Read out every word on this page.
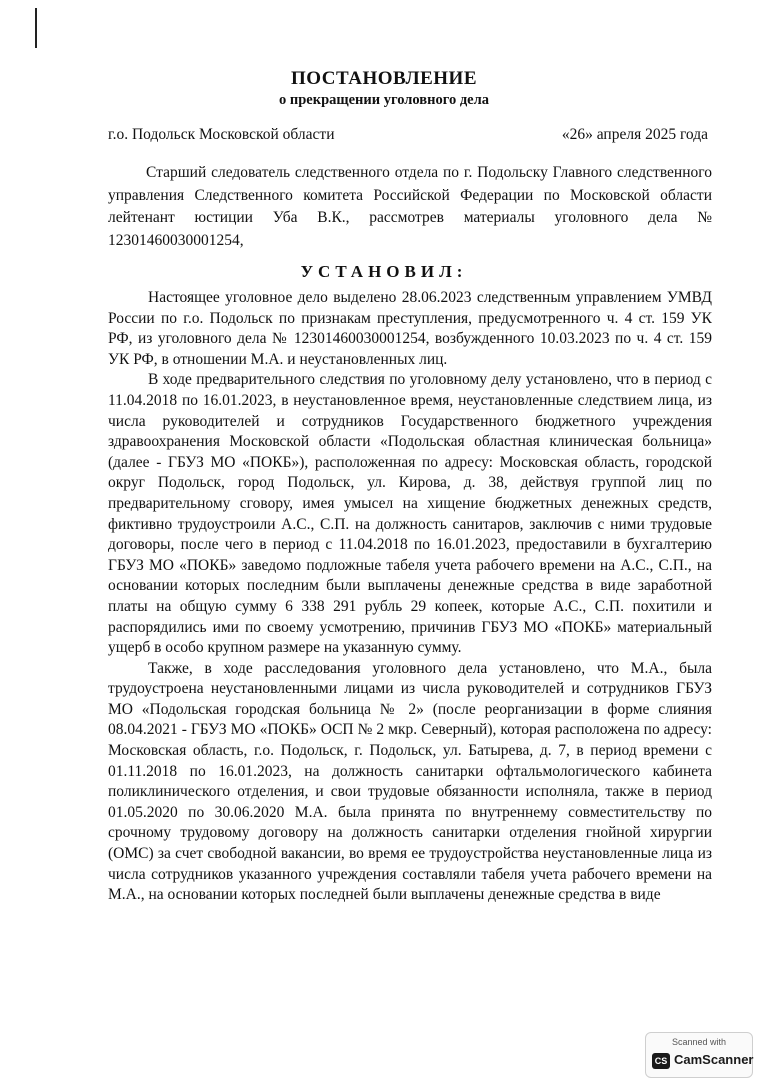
ПОСТАНОВЛЕНИЕ
о прекращении уголовного дела
г.о. Подольск Московской области	«26» апреля 2025 года

Старший следователь следственного отдела по г. Подольску Главного следственного управления Следственного комитета Российской Федерации по Московской области лейтенант юстиции Уба В.К., рассмотрев материалы уголовного дела № 12301460030001254,

УСТАНОВИЛ:

Настоящее уголовное дело выделено 28.06.2023 следственным управлением УМВД России по г.о. Подольск по признакам преступления, предусмотренного ч. 4 ст. 159 УК РФ, из уголовного дела № 12301460030001254, возбужденного 10.03.2023 по ч. 4 ст. 159 УК РФ, в отношении М.А. и неустановленных лиц.

В ходе предварительного следствия по уголовному делу установлено, что в период с 11.04.2018 по 16.01.2023, в неустановленное время, неустановленные следствием лица, из числа руководителей и сотрудников Государственного бюджетного учреждения здравоохранения Московской области «Подольская областная клиническая больница» (далее - ГБУЗ МО «ПОКБ»), расположенная по адресу: Московская область, городской округ Подольск, город Подольск, ул. Кирова, д. 38, действуя группой лиц по предварительному сговору, имея умысел на хищение бюджетных денежных средств, фиктивно трудоустроили А.С., С.П. на должность санитаров, заключив с ними трудовые договоры, после чего в период с 11.04.2018 по 16.01.2023, предоставили в бухгалтерию ГБУЗ МО «ПОКБ» заведомо подложные табеля учета рабочего времени на А.С., С.П., на основании которых последним были выплачены денежные средства в виде заработной платы на общую сумму 6 338 291 рубль 29 копеек, которые А.С., С.П. похитили и распорядились ими по своему усмотрению, причинив ГБУЗ МО «ПОКБ» материальный ущерб в особо крупном размере на указанную сумму.

Также, в ходе расследования уголовного дела установлено, что М.А., была трудоустроена неустановленными лицами из числа руководителей и сотрудников ГБУЗ МО «Подольская городская больница № 2» (после реорганизации в форме слияния 08.04.2021 - ГБУЗ МО «ПОКБ» ОСП № 2 мкр. Северный), которая расположена по адресу: Московская область, г.о. Подольск, г. Подольск, ул. Батырева, д. 7, в период времени с 01.11.2018 по 16.01.2023, на должность санитарки офтальмологического кабинета поликлинического отделения, и свои трудовые обязанности исполняла, также в период 01.05.2020 по 30.06.2020 М.А. была принята по внутреннему совместительству по срочному трудовому договору на должность санитарки отделения гнойной хирургии (ОМС) за счет свободной вакансии, во время ее трудоустройства неустановленные лица из числа сотрудников указанного учреждения составляли табеля учета рабочего времени на М.А., на основании которых последней были выплачены денежные средства в виде

Scanned with
CS CamScanner
